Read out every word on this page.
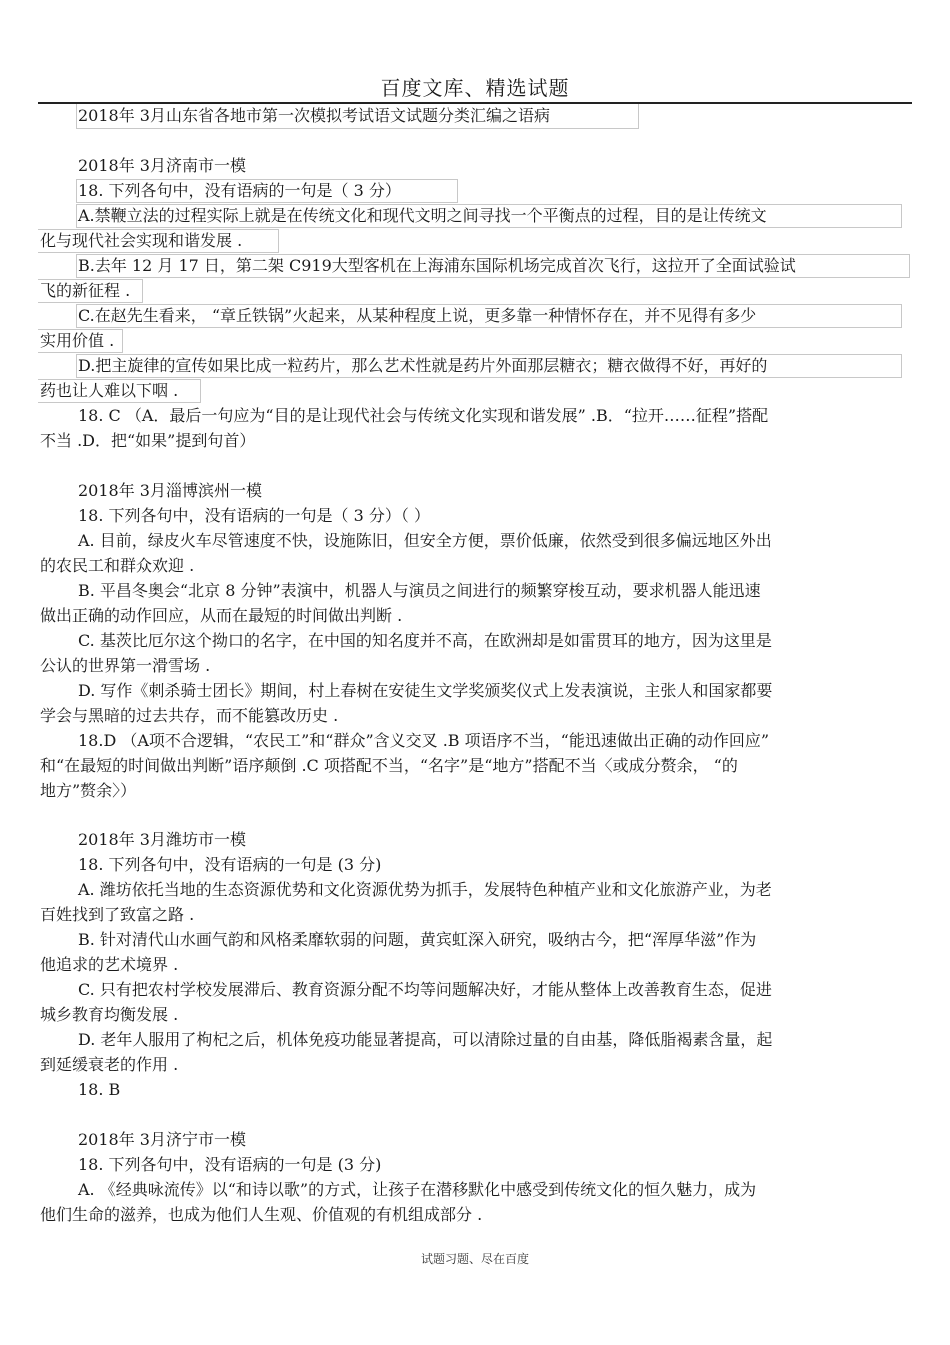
百度文库、精选试题
2018年 3月山东省各地市第一次模拟考试语文试题分类汇编之语病
2018年 3月济南市一模
18. 下列各句中，没有语病的一句是（ 3 分）
A.禁鞭立法的过程实际上就是在传统文化和现代文明之间寻找一个平衡点的过程，目的是让传统文
化与现代社会实现和谐发展 .
B.去年 12 月 17 日，第二架 C919大型客机在上海浦东国际机场完成首次飞行，这拉开了全面试验试
飞的新征程 .
C.在赵先生看来， “章丘铁锅”火起来，从某种程度上说，更多靠一种情怀存在，并不见得有多少
实用价值 .
D.把主旋律的宣传如果比成一粒药片，那么艺术性就是药片外面那层糖衣；糖衣做得不好，再好的
药也让人难以下咽 .
18. C （A．最后一句应为“目的是让现代社会与传统文化实现和谐发展” .B．“拉开……征程”搭配
不当 .D．把“如果”提到句首）
2018年 3月淄博滨州一模
18. 下列各句中，没有语病的一句是（ 3 分）（ ）
A. 目前，绿皮火车尽管速度不快，设施陈旧，但安全方便，票价低廉，依然受到很多偏远地区外出
的农民工和群众欢迎 .
B. 平昌冬奥会“北京 8 分钟”表演中，机器人与演员之间进行的频繁穿梭互动，要求机器人能迅速
做出正确的动作回应，从而在最短的时间做出判断 .
C. 基茨比厄尔这个拗口的名字，在中国的知名度并不高，在欧洲却是如雷贯耳的地方，因为这里是
公认的世界第一滑雪场 .
D. 写作《刺杀骑士团长》期间，村上春树在安徒生文学奖颁奖仪式上发表演说，主张人和国家都要
学会与黑暗的过去共存，而不能篡改历史 .
18.D （A项不合逻辑，“农民工”和“群众”含义交叉 .B 项语序不当，“能迅速做出正确的动作回应”
和“在最短的时间做出判断”语序颠倒 .C 项搭配不当，“名字”是“地方”搭配不当〈或成分赘余， “的
地方”赘余〉）
2018年 3月潍坊市一模
18. 下列各句中，没有语病的一句是 (3 分)
A. 潍坊依托当地的生态资源优势和文化资源优势为抓手，发展特色种植产业和文化旅游产业，为老
百姓找到了致富之路 .
B. 针对清代山水画气韵和风格柔靡软弱的问题，黄宾虹深入研究，吸纳古今，把“浑厚华滋”作为
他追求的艺术境界 .
C. 只有把农村学校发展滞后、教育资源分配不均等问题解决好，才能从整体上改善教育生态，促进
城乡教育均衡发展 .
D. 老年人服用了枸杞之后，机体免疫功能显著提高，可以清除过量的自由基，降低脂褐素含量，起
到延缓衰老的作用 .
18. B
2018年 3月济宁市一模
18. 下列各句中，没有语病的一句是 (3 分)
A. 《经典咏流传》以“和诗以歌”的方式，让孩子在潜移默化中感受到传统文化的恒久魅力，成为
他们生命的滋养，也成为他们人生观、价值观的有机组成部分 .
试题习题、尽在百度
